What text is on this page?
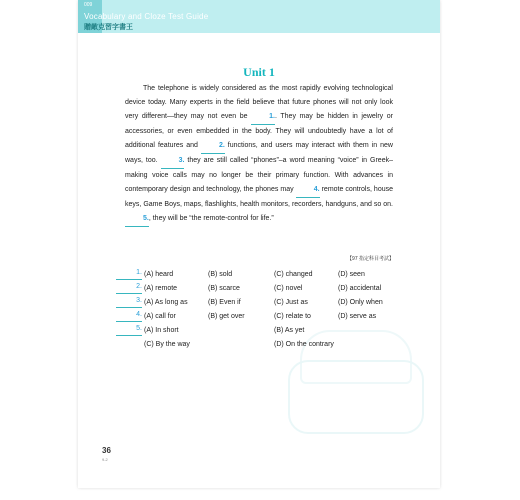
009
Vocabulary and Cloze Test Guide
贈敵克習字書王
Unit 1

The telephone is widely considered as the most rapidly evolving technological device today. Many experts in the field believe that future phones will not only look very different—they may not even be	1.. They may be hidden in jewelry or accessories, or even embedded in the body. They will undoubtedly have a lot of additional features and	2. functions, and users may interact with them in new ways, too.	3. they are still called “phones”–a word meaning “voice” in Greek–making voice calls may no longer be their primary function. With advances in contemporary design and technology, the phones may	4. remote controls, house keys, Game Boys, maps, flashlights, health monitors, recorders, handguns, and so on. 5., they will be “the remote-control for life.”

【97 指定科目考試】
1. (A) heard	(B) sold	(C) changed	(D) seen
2. (A) remote	(B) scarce	(C) novel	(D) accidental
3. (A) As long as	(B) Even if	(C) Just as	(D) Only when
4. (A) call for	(B) get over	(C) relate to	(D) serve as
5. (A) In short	(B) As yet
(C) By the way	(D) On the contrary
36
9-2
